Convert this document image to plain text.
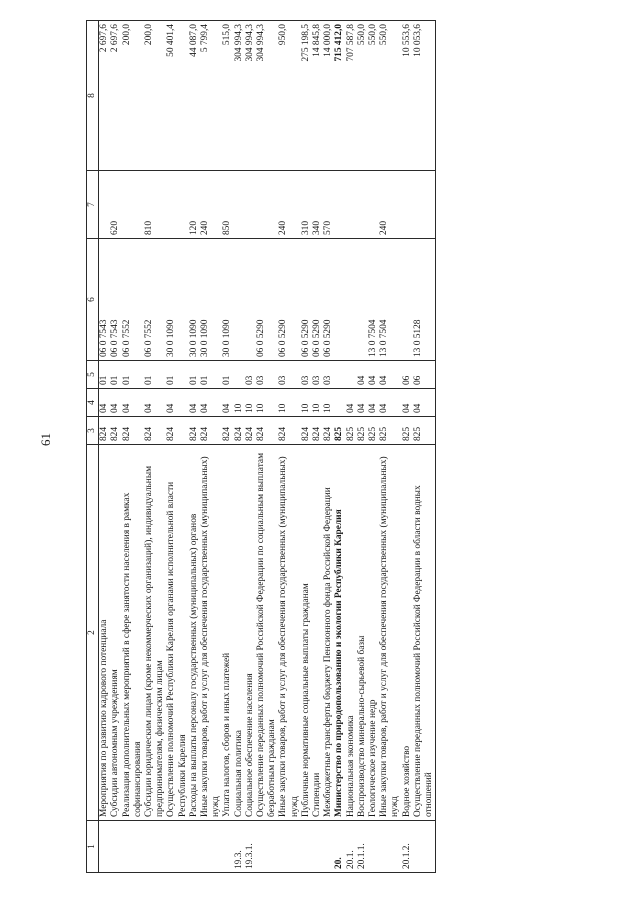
61
1	2	3	4	5	6	7	8
	Мероприятия по развитию кадрового потенциала	824	04	01	06 0 7543		2 697,6
	Субсидии автономным учреждениям	824	04	01	06 0 7543	620	2 697,6
	Реализация дополнительных мероприятий в сфере занятости населения в рамках софинансирования	824	04	01	06 0 7552		200,0
	Субсидии юридическим лицам (кроме некоммерческих организаций), индивидуальным предпринимателям, физическим лицам	824	04	01	06 0 7552	810	200,0
	Осуществление полномочий Республики Карелия органами исполнительной власти Республики Карелия	824	04	01	30 0 1090		50 401,4
	Расходы на выплаты персоналу государственных (муниципальных) органов	824	04	01	30 0 1090	120	44 087,0
	Иные закупки товаров, работ и услуг для обеспечения государственных (муниципальных) нужд	824	04	01	30 0 1090	240	5 799,4
	Уплата налогов, сборов и иных платежей	824	04	01	30 0 1090	850	515,0
19.3.	Социальная политика	824	10				304 994,3
19.3.1.	Социальное обеспечение населения	824	10	03			304 994,3
	Осуществление переданных полномочий Российской Федерации по социальным выплатам безработным гражданам	824	10	03	06 0 5290		304 994,3
	Иные закупки товаров, работ и услуг для обеспечения государственных (муниципальных) нужд	824	10	03	06 0 5290	240	950,0
	Публичные нормативные социальные выплаты гражданам	824	10	03	06 0 5290	310	275 198,5
	Стипендии	824	10	03	06 0 5290	340	14 845,8
	Межбюджетные трансферты бюджету Пенсионного фонда Российской Федерации	824	10	03	06 0 5290	570	14 000,0
20.	Министерство по природопользованию и экологии Республики Карелия	825					715 412,0
20.1.	Национальная экономика	825	04				707 587,8
20.1.1.	Воспроизводство минерально-сырьевой базы	825	04	04			550,0
	Геологическое изучение недр	825	04	04	13 0 7504		550,0
	Иные закупки товаров, работ и услуг для обеспечения государственных (муниципальных) нужд	825	04	04	13 0 7504	240	550,0
20.1.2.	Водное хозяйство	825	04	06			10 553,6
	Осуществление переданных полномочий Российской Федерации в области водных отношений	825	04	06	13 0 5128		10 053,6
